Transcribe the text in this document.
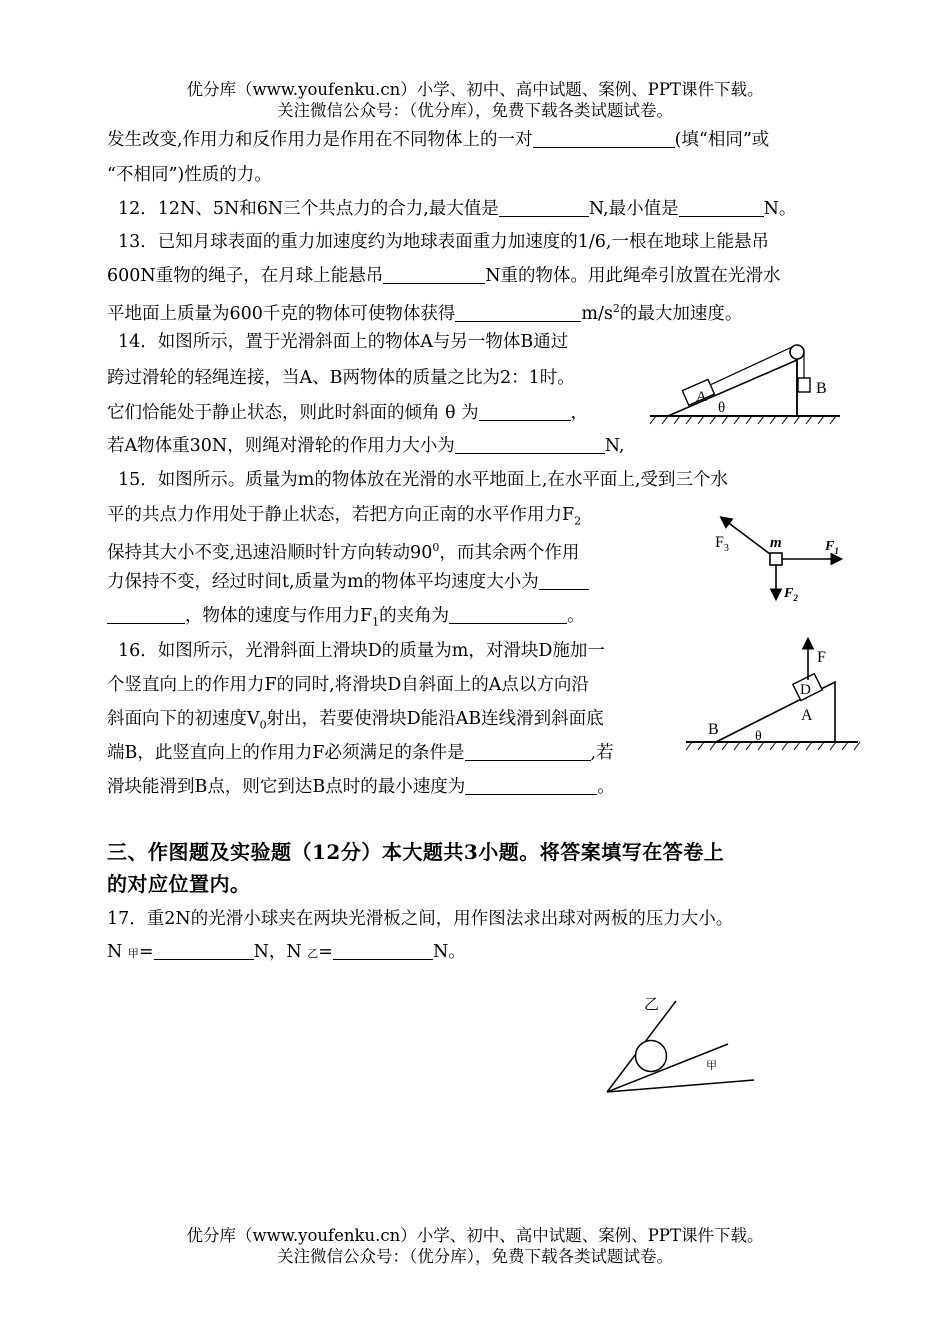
优分库（www.youfenku.cn）小学、初中、高中试题、案例、PPT课件下载。
关注微信公众号：（优分库），免费下载各类试题试卷。
发生改变,作用力和反作用力是作用在不同物体上的一对	(填“相同”或
“不相同”)性质的力。
12．12N、5N和6N三个共点力的合力,最大值是	N,最小值是	N。
13．已知月球表面的重力加速度约为地球表面重力加速度的1/6,一根在地球上能悬吊
600N重物的绳子，在月球上能悬吊	N重的物体。用此绳牵引放置在光滑水
平地面上质量为600千克的物体可使物体获得	$m/s^2$的最大加速度。
14．如图所示，置于光滑斜面上的物体A与另一物体B通过
跨过滑轮的轻绳连接，当A、B两物体的质量之比为2：1时。
它们恰能处于静止状态，则此时斜面的倾角 θ 为	，
若A物体重30N，则绳对滑轮的作用力大小为	N,
A	B
θ
15．如图所示。质量为m的物体放在光滑的水平地面上,在水平面上,受到三个水
平的共点力作用处于静止状态，若把方向正南的水平作用力$F_2$
保持其大小不变,迅速沿顺时针方向转动$90^0$，而其余两个作用
力保持不变，经过时间t,质量为m的物体平均速度大小为
，物体的速度与作用力$F_1$的夹角为	。
$F_3$	m	$F_1$
$F_2$
16．如图所示，光滑斜面上滑块D的质量为m，对滑块D施加一
个竖直向上的作用力F的同时,将滑块D自斜面上的A点以方向沿
斜面向下的初速度$V_0$射出，若要使滑块D能沿AB连线滑到斜面底
端B，此竖直向上的作用力F必须满足的条件是	,若
滑块能滑到B点，则它到达B点时的最小速度为	。
F
D
A
B	θ
三、作图题及实验题（12分）本大题共3小题。将答案填写在答卷上
的对应位置内。
17．重2N的光滑小球夹在两块光滑板之间，用作图法求出球对两板的压力大小。
N 甲=	N，N 乙=	N。
乙
甲
优分库（www.youfenku.cn）小学、初中、高中试题、案例、PPT课件下载。
关注微信公众号：（优分库），免费下载各类试题试卷。
